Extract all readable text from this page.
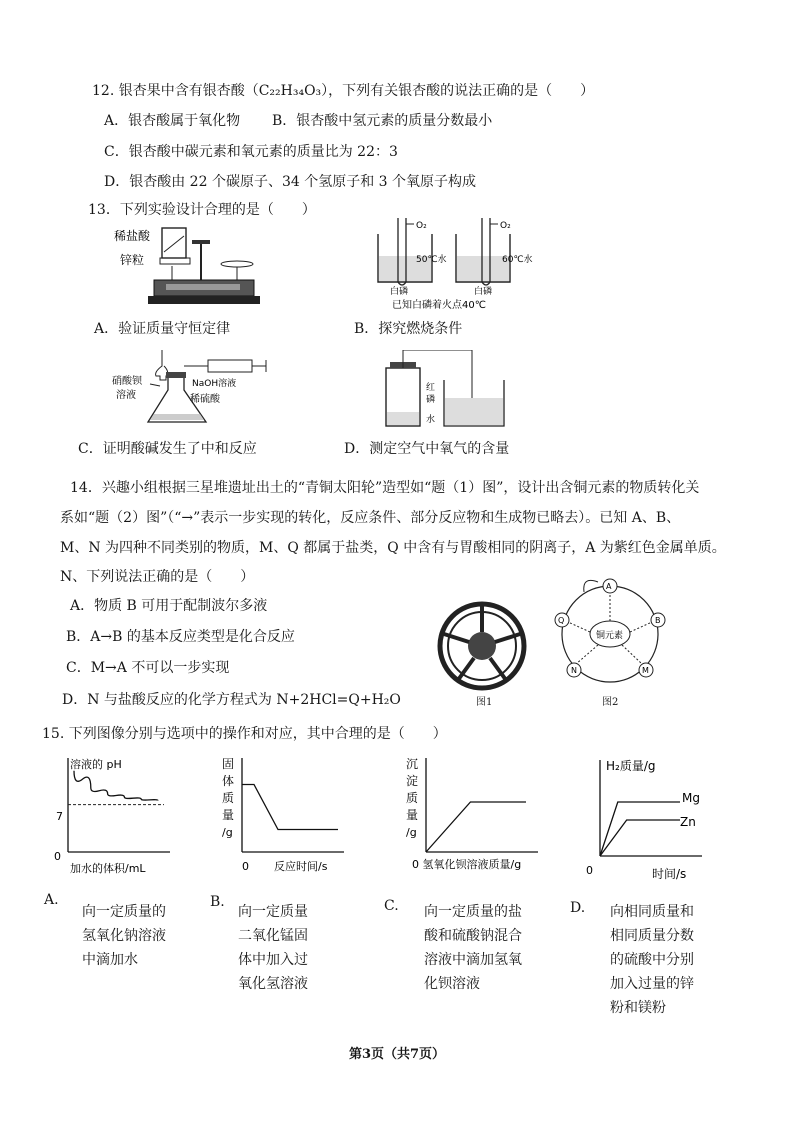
12. 银杏果中含有银杏酸（C₂₂H₃₄O₃），下列有关银杏酸的说法正确的是（　　）
A．银杏酸属于氧化物 B．银杏酸中氢元素的质量分数最小
C．银杏酸中碳元素和氧元素的质量比为 22：3
D．银杏酸由 22 个碳原子、34 个氢原子和 3 个氧原子构成
13．下列实验设计合理的是（　　）
稀盐酸
锌粒
O₂
50℃水
白磷
O₂
60℃水
白磷
已知白磷着火点40℃
A．验证质量守恒定律	B．探究燃烧条件
硝酸钡
溶液
NaOH溶液
稀硫酸
红
磷
水
C．证明酸碱发生了中和反应	D．测定空气中氧气的含量
14．兴趣小组根据三星堆遗址出土的“青铜太阳轮”造型如“题（1）图”，设计出含铜元素的物质转化关
系如“题（2）图”（“→”表示一步实现的转化，反应条件、部分反应物和生成物已略去）。已知 A、B、
M、N 为四种不同类别的物质，M、Q 都属于盐类，Q 中含有与胃酸相同的阴离子，A 为紫红色金属单质。
N、下列说法正确的是（　　）
A．物质 B 可用于配制波尔多液
B．A→B 的基本反应类型是化合反应
C．M→A 不可以一步实现
D．N 与盐酸反应的化学方程式为 N+2HCl=Q+H₂O	图1
铜元素
A
B
M
N
Q
图2
15. 下列图像分别与选项中的操作和对应，其中合理的是（　　）
溶液的 pH
7
0
加水的体积/mL
固
体
质
量
/g
0 反应时间/s
沉
淀
质
量
/g
0 氢氧化钡溶液质量/g
H₂质量/g
0	时间/s
Mg
Zn
A.
向一定质量的
氢氧化钠溶液
中滴加水
B.
向一定质量
二氧化锰固
体中加入过
氧化氢溶液
C. 向一定质量的盐
酸和硫酸钠混合
溶液中滴加氢氧
化钡溶液
D. 向相同质量和
相同质量分数
的硫酸中分别
加入过量的锌
粉和镁粉
第3页（共7页）
